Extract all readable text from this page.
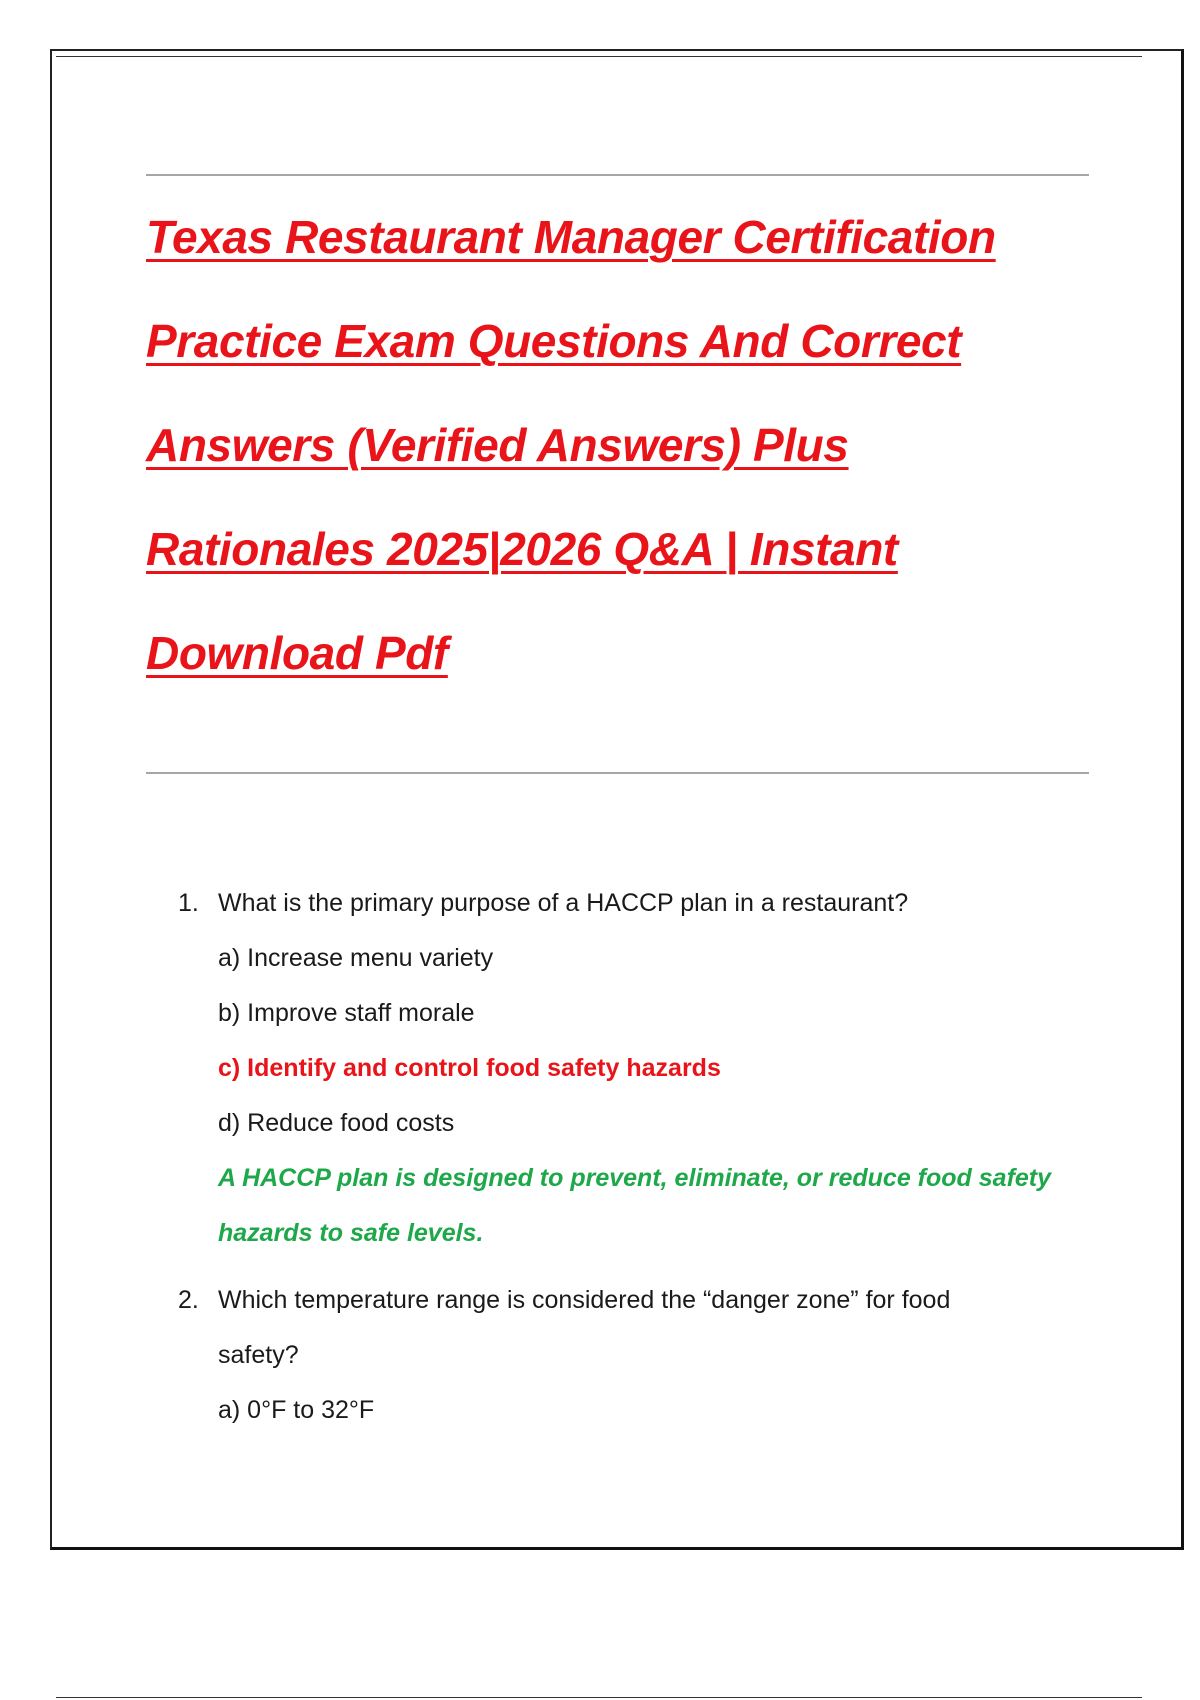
Texas Restaurant Manager Certification
Practice Exam Questions And Correct
Answers (Verified Answers) Plus
Rationales 2025|2026 Q&A | Instant
Download Pdf
1. What is the primary purpose of a HACCP plan in a restaurant?
a) Increase menu variety
b) Improve staff morale
c) Identify and control food safety hazards
d) Reduce food costs
A HACCP plan is designed to prevent, eliminate, or reduce food safety
hazards to safe levels.
2. Which temperature range is considered the “danger zone” for food
safety?
a) 0°F to 32°F
